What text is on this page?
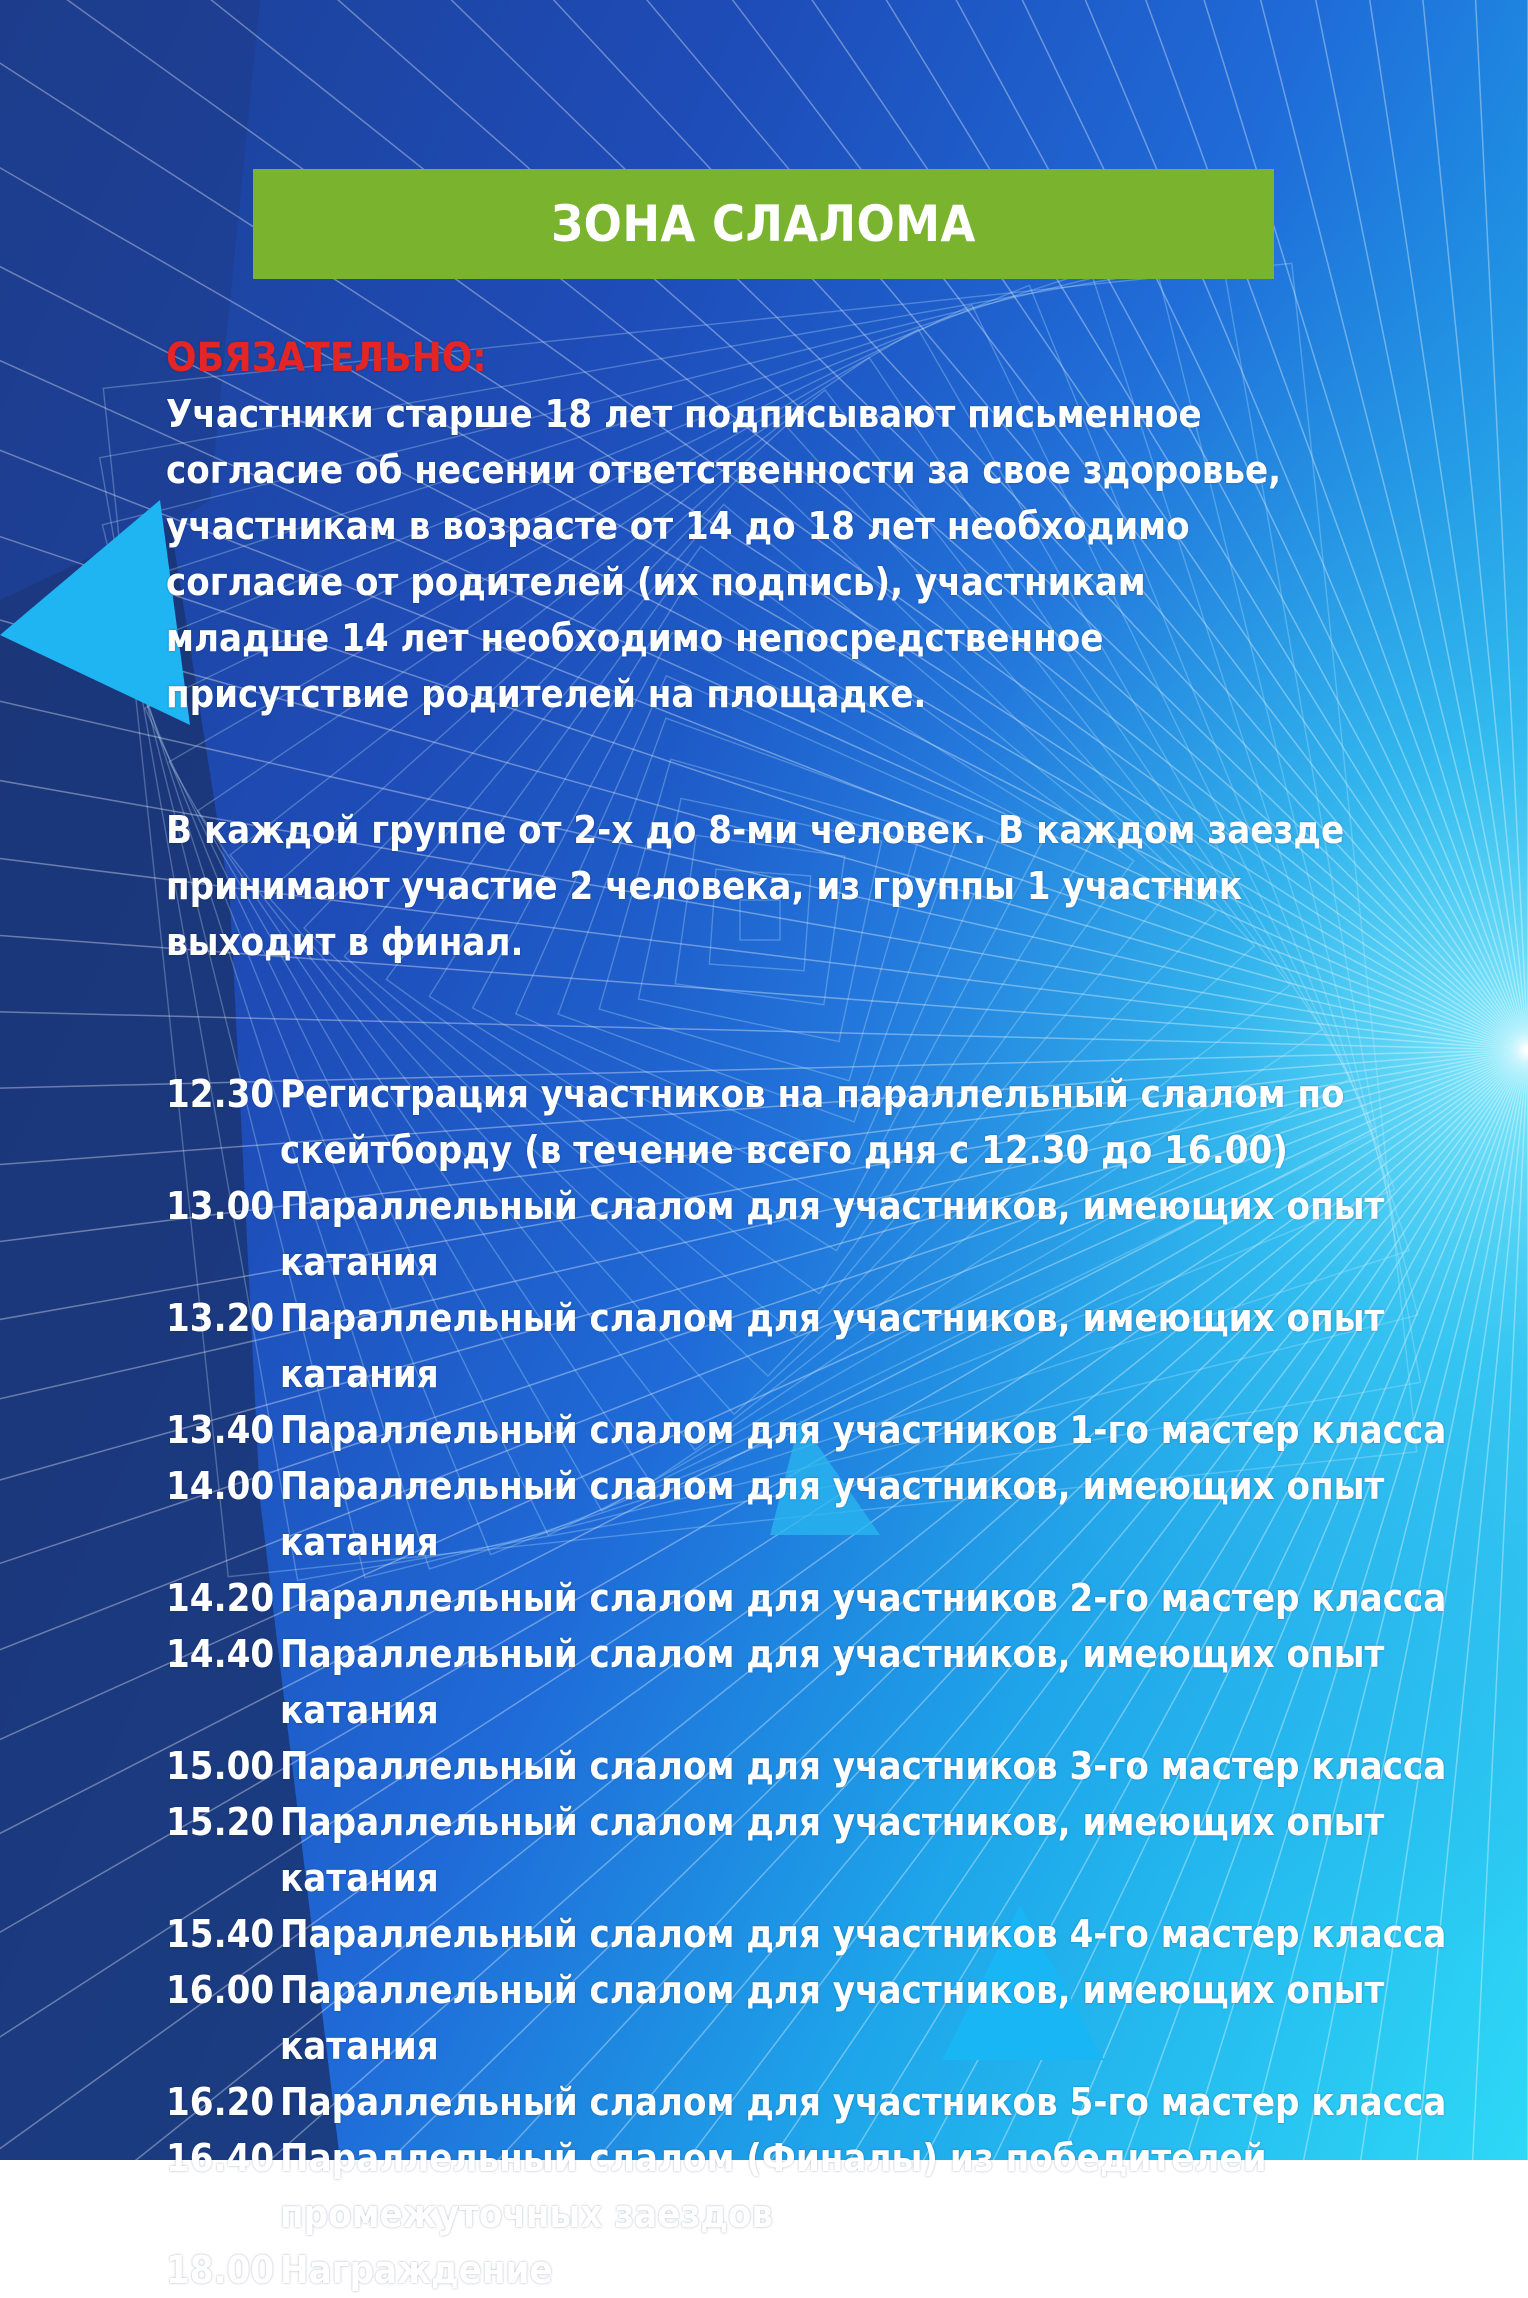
ЗОНА СЛАЛОМА

ОБЯЗАТЕЛЬНО:

Участники старше 18 лет подписывают письменное согласие об несении ответственности за свое здоровье, участникам в возрасте от 14 до 18 лет необходимо согласие от родителей (их подпись), участникам младше 14 лет необходимо непосредственное присутствие родителей на площадке.

В каждой группе от 2-х до 8-ми человек. В каждом заезде принимают участие 2 человека, из группы 1 участник выходит в финал.

12.30 Регистрация участников на параллельный слалом по
скейтборду (в течение всего дня с 12.30 до 16.00)
13.00 Параллельный слалом для участников, имеющих опыт катания
13.20 Параллельный слалом для участников, имеющих опыт катания
13.40 Параллельный слалом для участников 1-го мастер класса
14.00 Параллельный слалом для участников, имеющих опыт катания
14.20 Параллельный слалом для участников 2-го мастер класса
14.40 Параллельный слалом для участников, имеющих опыт катания
15.00 Параллельный слалом для участников 3-го мастер класса
15.20 Параллельный слалом для участников, имеющих опыт катания
15.40 Параллельный слалом для участников 4-го мастер класса
16.00 Параллельный слалом для участников, имеющих опыт катания
16.20 Параллельный слалом для участников 5-го мастер класса
16.40 Параллельный слалом (Финалы) из победителей
промежуточных заездов
18.00 Награждение
